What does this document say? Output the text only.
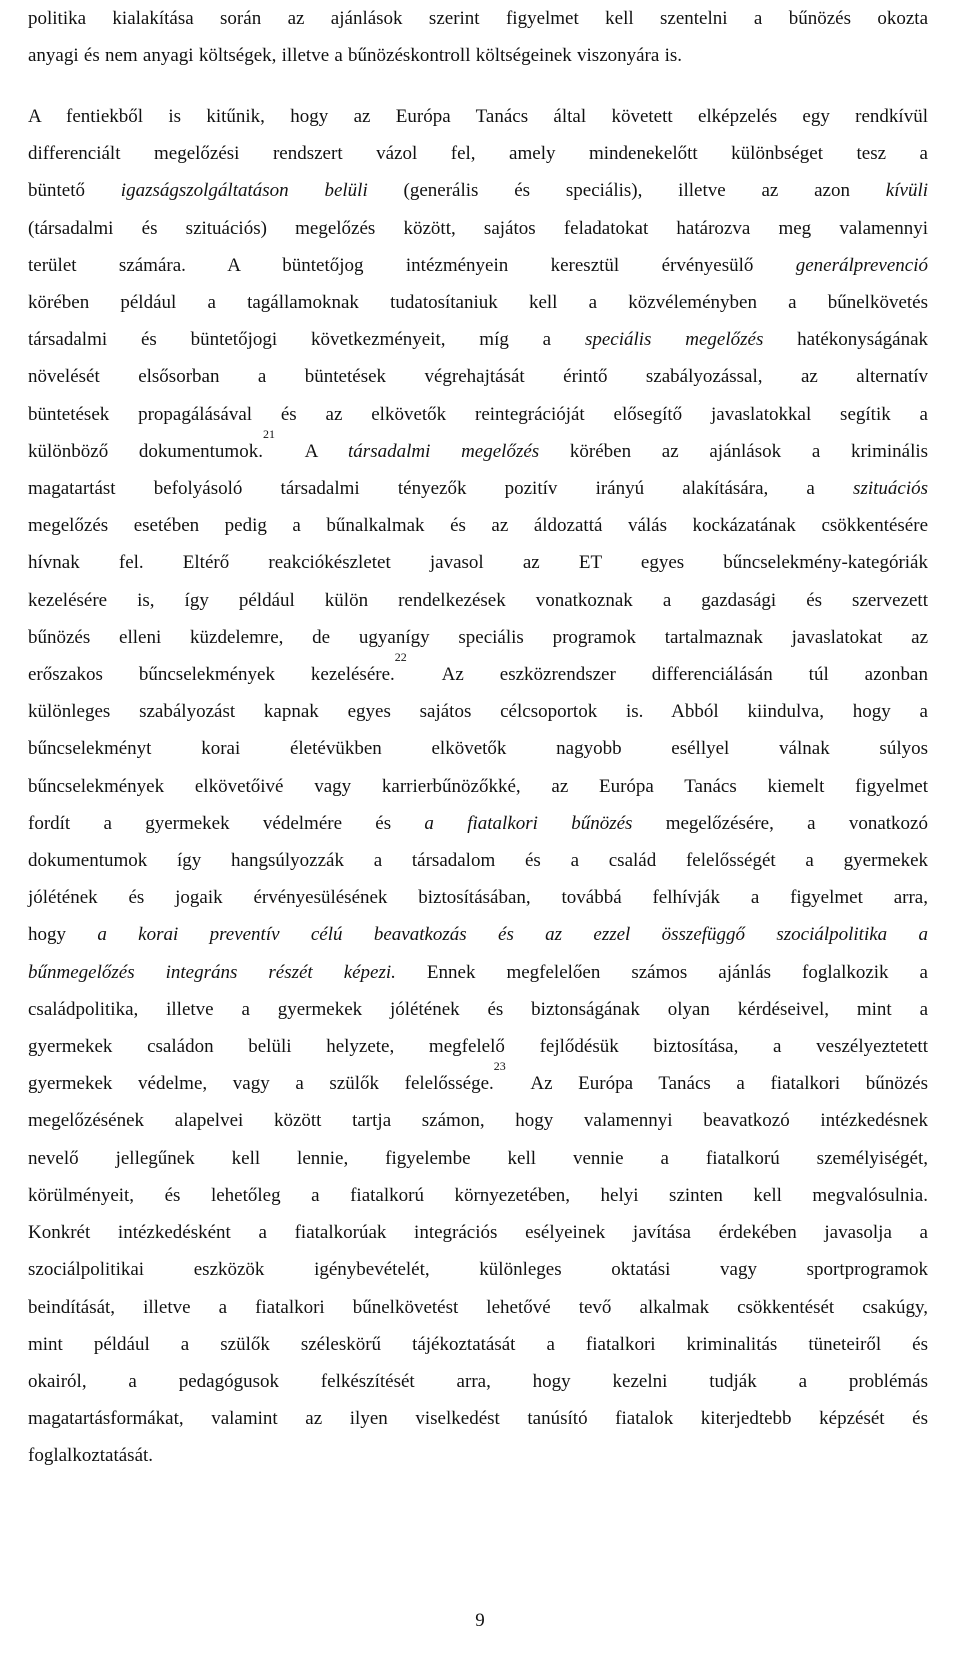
politika kialakítása során az ajánlások szerint figyelmet kell szentelni a bűnözés okozta
anyagi és nem anyagi költségek, illetve a bűnözéskontroll költségeinek viszonyára is.

A fentiekből is kitűnik, hogy az Európa Tanács által követett elképzelés egy rendkívül
differenciált megelőzési rendszert vázol fel, amely mindenekelőtt különbséget tesz a
büntető igazságszolgáltatáson belüli (generális és speciális), illetve az azon kívüli
(társadalmi és szituációs) megelőzés között, sajátos feladatokat határozva meg valamennyi
terület számára. A büntetőjog intézményein keresztül érvényesülő generálprevenció
körében például a tagállamoknak tudatosítaniuk kell a közvéleményben a bűnelkövetés
társadalmi és büntetőjogi következményeit, míg a speciális megelőzés hatékonyságának
növelését elsősorban a büntetések végrehajtását érintő szabályozással, az alternatív
büntetések propagálásával és az elkövetők reintegrációját elősegítő javaslatokkal segítik a
különböző dokumentumok.$^{21}$ A társadalmi megelőzés körében az ajánlások a kriminális
magatartást befolyásoló társadalmi tényezők pozitív irányú alakítására, a szituációs
megelőzés esetében pedig a bűnalkalmak és az áldozattá válás kockázatának csökkentésére
hívnak fel. Eltérő reakciókészletet javasol az ET egyes bűncselekmény-kategóriák
kezelésére is, így például külön rendelkezések vonatkoznak a gazdasági és szervezett
bűnözés elleni küzdelemre, de ugyanígy speciális programok tartalmaznak javaslatokat az
erőszakos bűncselekmények kezelésére.$^{22}$ Az eszközrendszer differenciálásán túl azonban
különleges szabályozást kapnak egyes sajátos célcsoportok is. Abból kiindulva, hogy a
bűncselekményt korai életévükben elkövetők nagyobb eséllyel válnak súlyos
bűncselekmények elkövetőivé vagy karrierbűnözőkké, az Európa Tanács kiemelt figyelmet
fordít a gyermekek védelmére és a fiatalkori bűnözés megelőzésére, a vonatkozó
dokumentumok így hangsúlyozzák a társadalom és a család felelősségét a gyermekek
jólétének és jogaik érvényesülésének biztosításában, továbbá felhívják a figyelmet arra,
hogy a korai preventív célú beavatkozás és az ezzel összefüggő szociálpolitika a
bűnmegelőzés integráns részét képezi. Ennek megfelelően számos ajánlás foglalkozik a
családpolitika, illetve a gyermekek jólétének és biztonságának olyan kérdéseivel, mint a
gyermekek családon belüli helyzete, megfelelő fejlődésük biztosítása, a veszélyeztetett
gyermekek védelme, vagy a szülők felelőssége.$^{23}$ Az Európa Tanács a fiatalkori bűnözés
megelőzésének alapelvei között tartja számon, hogy valamennyi beavatkozó intézkedésnek
nevelő jellegűnek kell lennie, figyelembe kell vennie a fiatalkorú személyiségét,
körülményeit, és lehetőleg a fiatalkorú környezetében, helyi szinten kell megvalósulnia.
Konkrét intézkedésként a fiatalkorúak integrációs esélyeinek javítása érdekében javasolja a
szociálpolitikai eszközök igénybevételét, különleges oktatási vagy sportprogramok
beindítását, illetve a fiatalkori bűnelkövetést lehetővé tevő alkalmak csökkentését csakúgy,
mint például a szülők széleskörű tájékoztatását a fiatalkori kriminalitás tüneteiről és
okairól, a pedagógusok felkészítését arra, hogy kezelni tudják a problémás
magatartásformákat, valamint az ilyen viselkedést tanúsító fiatalok kiterjedtebb képzését és
foglalkoztatását.

9
